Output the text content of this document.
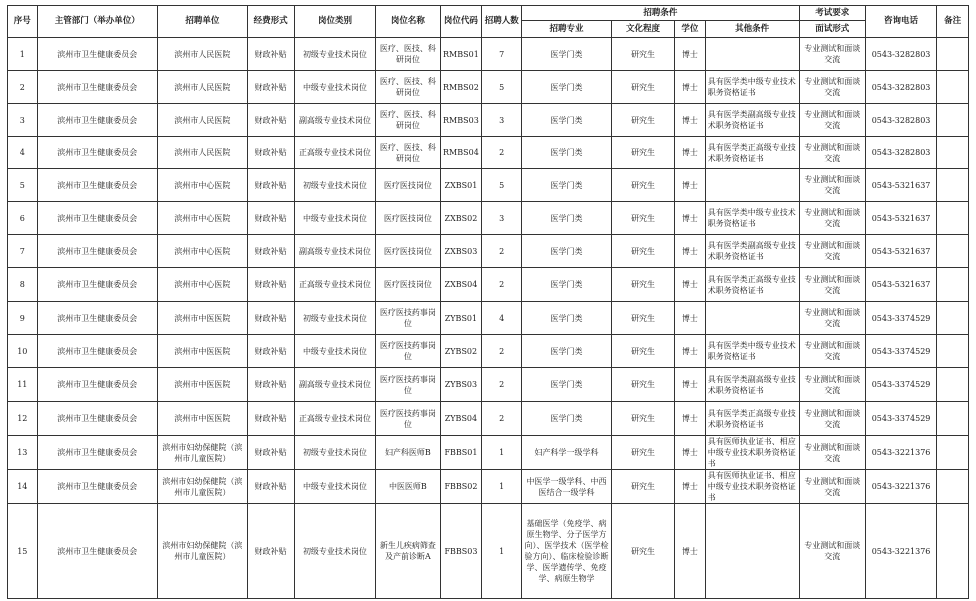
序号	主管部门（举办单位）	招聘单位	经费形式	岗位类别	岗位名称	岗位代码	招聘人数	招聘条件				考试要求	咨询电话	备注
								招聘专业	文化程度	学位	其他条件	面试形式		
1	滨州市卫生健康委员会	滨州市人民医院	财政补贴	初级专业技术岗位	医疗、医技、科研岗位	RMBS01	7	医学门类	研究生	博士		专业测试和面谈交流	0543-3282803	
2	滨州市卫生健康委员会	滨州市人民医院	财政补贴	中级专业技术岗位	医疗、医技、科研岗位	RMBS02	5	医学门类	研究生	博士	具有医学类中级专业技术职务资格证书	专业测试和面谈交流	0543-3282803	
3	滨州市卫生健康委员会	滨州市人民医院	财政补贴	副高级专业技术岗位	医疗、医技、科研岗位	RMBS03	3	医学门类	研究生	博士	具有医学类副高级专业技术职务资格证书	专业测试和面谈交流	0543-3282803	
4	滨州市卫生健康委员会	滨州市人民医院	财政补贴	正高级专业技术岗位	医疗、医技、科研岗位	RMBS04	2	医学门类	研究生	博士	具有医学类正高级专业技术职务资格证书	专业测试和面谈交流	0543-3282803	
5	滨州市卫生健康委员会	滨州市中心医院	财政补贴	初级专业技术岗位	医疗医技岗位	ZXBS01	5	医学门类	研究生	博士		专业测试和面谈交流	0543-5321637	
6	滨州市卫生健康委员会	滨州市中心医院	财政补贴	中级专业技术岗位	医疗医技岗位	ZXBS02	3	医学门类	研究生	博士	具有医学类中级专业技术职务资格证书	专业测试和面谈交流	0543-5321637	
7	滨州市卫生健康委员会	滨州市中心医院	财政补贴	副高级专业技术岗位	医疗医技岗位	ZXBS03	2	医学门类	研究生	博士	具有医学类副高级专业技术职务资格证书	专业测试和面谈交流	0543-5321637	
8	滨州市卫生健康委员会	滨州市中心医院	财政补贴	正高级专业技术岗位	医疗医技岗位	ZXBS04	2	医学门类	研究生	博士	具有医学类正高级专业技术职务资格证书	专业测试和面谈交流	0543-5321637	
9	滨州市卫生健康委员会	滨州市中医医院	财政补贴	初级专业技术岗位	医疗医技药事岗位	ZYBS01	4	医学门类	研究生	博士		专业测试和面谈交流	0543-3374529	
10	滨州市卫生健康委员会	滨州市中医医院	财政补贴	中级专业技术岗位	医疗医技药事岗位	ZYBS02	2	医学门类	研究生	博士	具有医学类中级专业技术职务资格证书	专业测试和面谈交流	0543-3374529	
11	滨州市卫生健康委员会	滨州市中医医院	财政补贴	副高级专业技术岗位	医疗医技药事岗位	ZYBS03	2	医学门类	研究生	博士	具有医学类副高级专业技术职务资格证书	专业测试和面谈交流	0543-3374529	
12	滨州市卫生健康委员会	滨州市中医医院	财政补贴	正高级专业技术岗位	医疗医技药事岗位	ZYBS04	2	医学门类	研究生	博士	具有医学类正高级专业技术职务资格证书	专业测试和面谈交流	0543-3374529	
13	滨州市卫生健康委员会	滨州市妇幼保健院（滨州市儿童医院）	财政补贴	初级专业技术岗位	妇产科医师B	FBBS01	1	妇产科学一级学科	研究生	博士	具有医师执业证书、相应中级专业技术职务资格证书	专业测试和面谈交流	0543-3221376	
14	滨州市卫生健康委员会	滨州市妇幼保健院（滨州市儿童医院）	财政补贴	中级专业技术岗位	中医医师B	FBBS02	1	中医学一级学科、中西医结合一级学科	研究生	博士	具有医师执业证书、相应中级专业技术职务资格证书	专业测试和面谈交流	0543-3221376	
15	滨州市卫生健康委员会	滨州市妇幼保健院（滨州市儿童医院）	财政补贴	初级专业技术岗位	新生儿疾病筛查及产前诊断A	FBBS03	1	基础医学（免疫学、病原生物学、分子医学方向）、医学技术（医学检验方向）、临床检验诊断学、医学遗传学、免疫学、病原生物学	研究生	博士		专业测试和面谈交流	0543-3221376	
